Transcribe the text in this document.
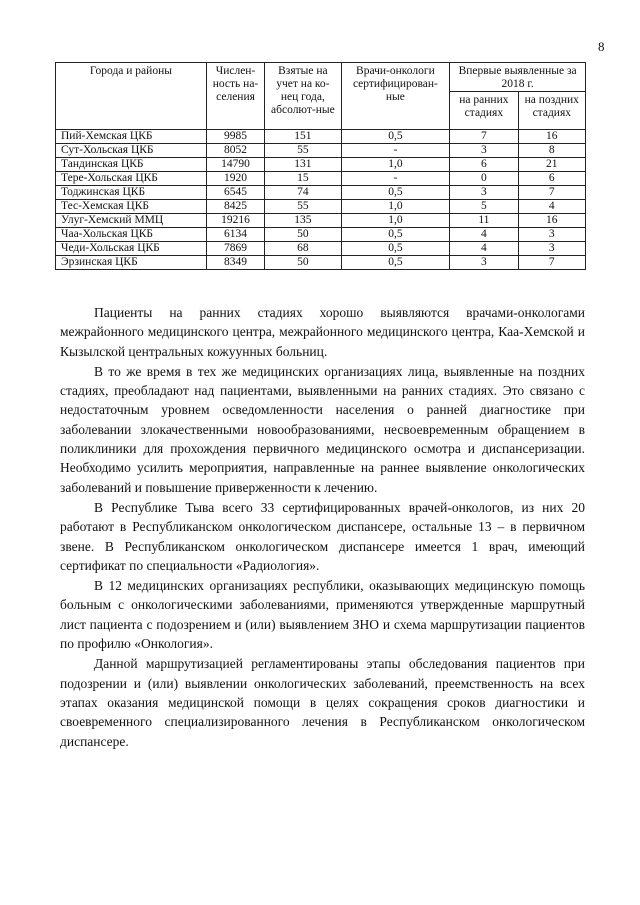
8
Города и районы	Числен-ность на-селения	Взятые на учет на ко-нец года, абсолют-ные	Врачи-онкологи сертифицирован-ные	Впервые выявленные за 2018 г.	
				на ранних стадиях	на поздних стадиях
Пий-Хемская ЦКБ	9985	151	0,5	7	16
Сут-Хольская ЦКБ	8052	55	-	3	8
Тандинская ЦКБ	14790	131	1,0	6	21
Тере-Хольская ЦКБ	1920	15	-	0	6
Тоджинская ЦКБ	6545	74	0,5	3	7
Тес-Хемская ЦКБ	8425	55	1,0	5	4
Улуг-Хемский ММЦ	19216	135	1,0	11	16
Чаа-Хольская ЦКБ	6134	50	0,5	4	3
Чеди-Хольская ЦКБ	7869	68	0,5	4	3
Эрзинская ЦКБ	8349	50	0,5	3	7

Пациенты на ранних стадиях хорошо выявляются врачами-онкологами межрайонного медицинского центра, межрайонного медицинского центра, Каа-Хемской и Кызылской центральных кожуунных больниц.

В то же время в тех же медицинских организациях лица, выявленные на поздних стадиях, преобладают над пациентами, выявленными на ранних стадиях. Это связано с недостаточным уровнем осведомленности населения о ранней диагностике при заболевании злокачественными новообразованиями, несвоевременным обращением в поликлиники для прохождения первичного медицинского осмотра и диспансеризации. Необходимо усилить мероприятия, направленные на раннее выявление онкологических заболеваний и повышение приверженности к лечению.

В Республике Тыва всего 33 сертифицированных врачей-онкологов, из них 20 работают в Республиканском онкологическом диспансере, остальные 13 – в первичном звене. В Республиканском онкологическом диспансере имеется 1 врач, имеющий сертификат по специальности «Радиология».

В 12 медицинских организациях республики, оказывающих медицинскую помощь больным с онкологическими заболеваниями, применяются утвержденные маршрутный лист пациента с подозрением и (или) выявлением ЗНО и схема маршрутизации пациентов по профилю «Онкология».

Данной маршрутизацией регламентированы этапы обследования пациентов при подозрении и (или) выявлении онкологических заболеваний, преемственность на всех этапах оказания медицинской помощи в целях сокращения сроков диагностики и своевременного специализированного лечения в Республиканском онкологическом диспансере.
